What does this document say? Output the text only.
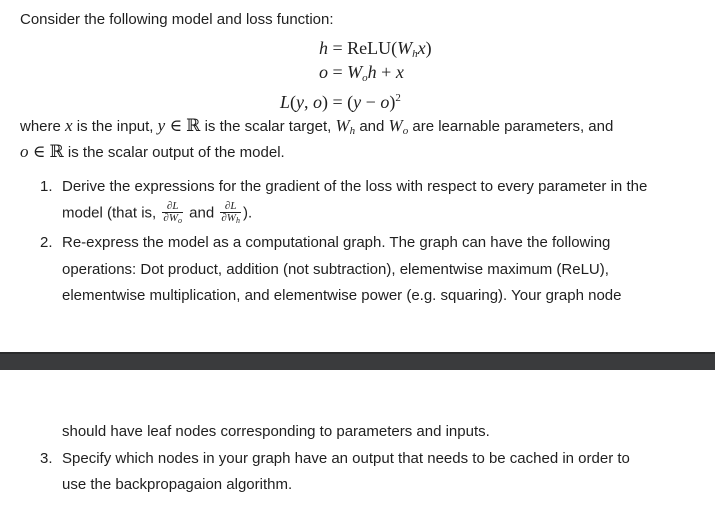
Consider the following model and loss function:
$h = ReLU(W_hx)$
$o = W_oh + x$
L(y, $o) = (y - o)^2$
where x is the input, y ∈ ℝ is the scalar target, $W_h$ and $W_o$ are learnable parameters, and
o ∈ ℝ is the scalar output of the model.
1. Derive the expressions for the gradient of the loss with respect to every parameter in the
model (that is, $\frac{\partial L}{\partial Wo}$ and $\frac{\partial L}{\partial Wh}$ ).
2. Re-express the model as a computational graph. The graph can have the following
operations: Dot product, addition (not subtraction), elementwise maximum (ReLU),
elementwise multiplication, and elementwise power (e.g. squaring). Your graph node
should have leaf nodes corresponding to parameters and inputs.
3. Specify which nodes in your graph have an output that needs to be cached in order to
use the backpropagaion algorithm.
